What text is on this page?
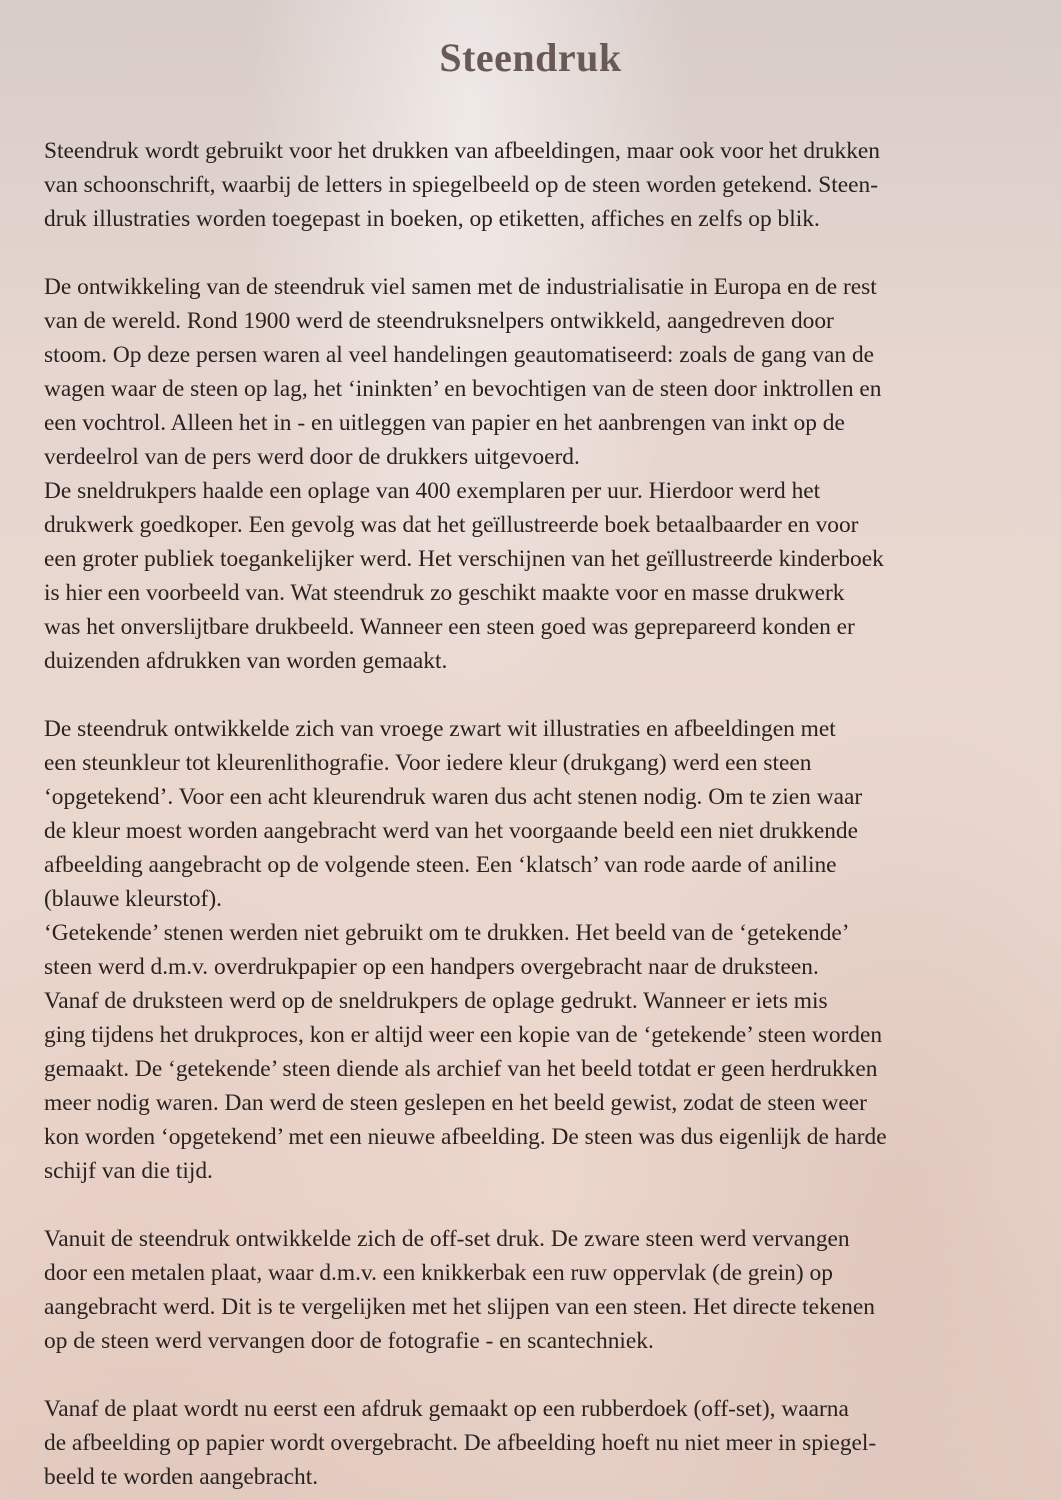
Steendruk

Steendruk wordt gebruikt voor het drukken van afbeeldingen, maar ook voor het drukken
van schoonschrift, waarbij de letters in spiegelbeeld op de steen worden getekend. Steen-
druk illustraties worden toegepast in boeken, op etiketten, affiches en zelfs op blik.

De ontwikkeling van de steendruk viel samen met de industrialisatie in Europa en de rest
van de wereld. Rond 1900 werd de steendruksnelpers ontwikkeld, aangedreven door
stoom. Op deze persen waren al veel handelingen geautomatiseerd: zoals de gang van de
wagen waar de steen op lag, het ‘ininkten’ en bevochtigen van de steen door inktrollen en
een vochtrol. Alleen het in - en uitleggen van papier en het aanbrengen van inkt op de
verdeelrol van de pers werd door de drukkers uitgevoerd.

De sneldrukpers haalde een oplage van 400 exemplaren per uur. Hierdoor werd het
drukwerk goedkoper. Een gevolg was dat het geïllustreerde boek betaalbaarder en voor
een groter publiek toegankelijker werd. Het verschijnen van het geïllustreerde kinderboek
is hier een voorbeeld van. Wat steendruk zo geschikt maakte voor en masse drukwerk
was het onverslijtbare drukbeeld. Wanneer een steen goed was geprepareerd konden er
duizenden afdrukken van worden gemaakt.

De steendruk ontwikkelde zich van vroege zwart wit illustraties en afbeeldingen met
een steunkleur tot kleurenlithografie. Voor iedere kleur (drukgang) werd een steen
‘opgetekend’. Voor een acht kleurendruk waren dus acht stenen nodig. Om te zien waar
de kleur moest worden aangebracht werd van het voorgaande beeld een niet drukkende
afbeelding aangebracht op de volgende steen. Een ‘klatsch’ van rode aarde of aniline
(blauwe kleurstof).

‘Getekende’ stenen werden niet gebruikt om te drukken. Het beeld van de ‘getekende’
steen werd d.m.v. overdrukpapier op een handpers overgebracht naar de druksteen.
Vanaf de druksteen werd op de sneldrukpers de oplage gedrukt. Wanneer er iets mis
ging tijdens het drukproces, kon er altijd weer een kopie van de ‘getekende’ steen worden
gemaakt. De ‘getekende’ steen diende als archief van het beeld totdat er geen herdrukken
meer nodig waren. Dan werd de steen geslepen en het beeld gewist, zodat de steen weer
kon worden ‘opgetekend’ met een nieuwe afbeelding. De steen was dus eigenlijk de harde
schijf van die tijd.

Vanuit de steendruk ontwikkelde zich de off-set druk. De zware steen werd vervangen
door een metalen plaat, waar d.m.v. een knikkerbak een ruw oppervlak (de grein) op
aangebracht werd. Dit is te vergelijken met het slijpen van een steen. Het directe tekenen
op de steen werd vervangen door de fotografie - en scantechniek.

Vanaf de plaat wordt nu eerst een afdruk gemaakt op een rubberdoek (off-set), waarna
de afbeelding op papier wordt overgebracht. De afbeelding hoeft nu niet meer in spiegel-
beeld te worden aangebracht.
